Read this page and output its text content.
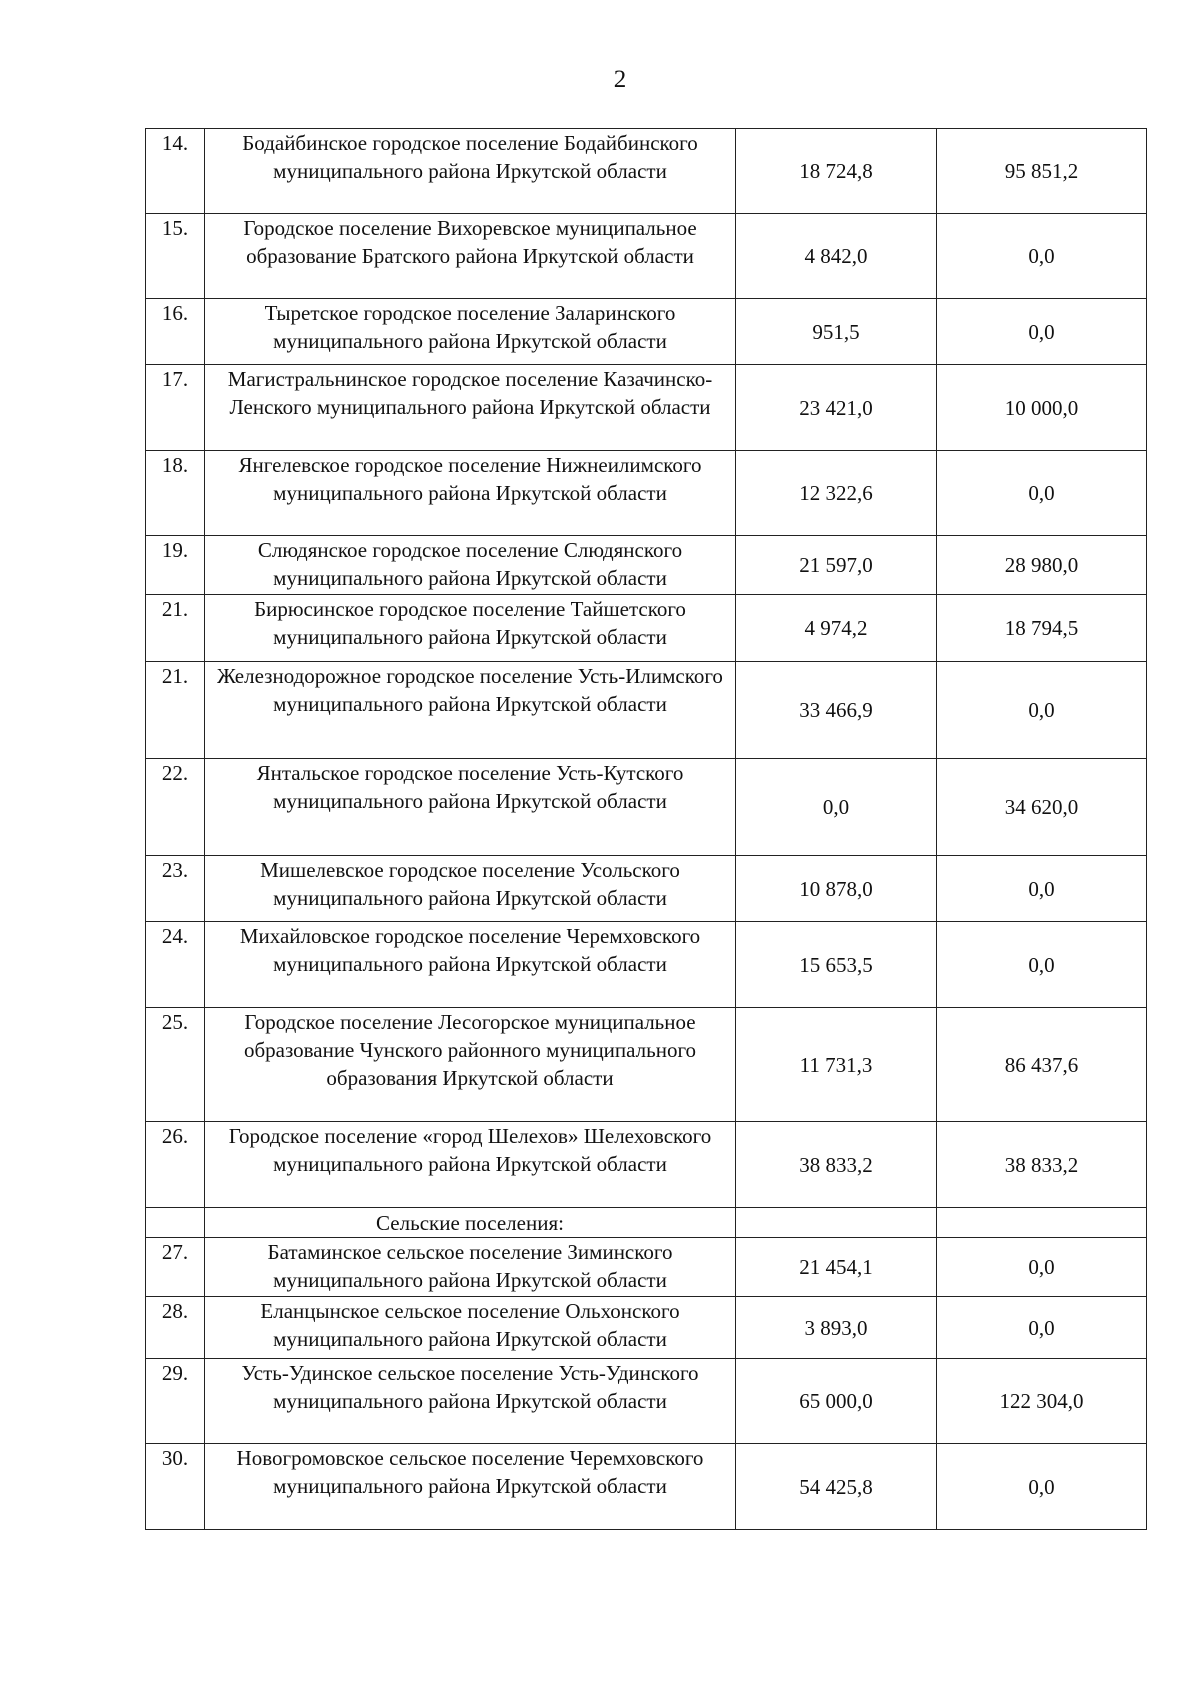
2
14.	Бодайбинское городское поселение Бодайбинского муниципального района Иркутской области	18 724,8	95 851,2
15.	Городское поселение Вихоревское муниципальное образование Братского района Иркутской области	4 842,0	0,0
16.	Тыретское городское поселение Заларинского муниципального района Иркутской области	951,5	0,0
17.	Магистральнинское городское поселение Казачинско-Ленского муниципального района Иркутской области	23 421,0	10 000,0
18.	Янгелевское городское поселение Нижнеилимского муниципального района Иркутской области	12 322,6	0,0
19.	Слюдянское городское поселение Слюдянского муниципального района Иркутской области	21 597,0	28 980,0
21.	Бирюсинское городское поселение Тайшетского муниципального района Иркутской области	4 974,2	18 794,5
21.	Железнодорожное городское поселение Усть-Илимского муниципального района Иркутской области	33 466,9	0,0
22.	Янтальское городское поселение Усть-Кутского муниципального района Иркутской области	0,0	34 620,0
23.	Мишелевское городское поселение Усольского муниципального района Иркутской области	10 878,0	0,0
24.	Михайловское городское поселение Черемховского муниципального района Иркутской области	15 653,5	0,0
25.	Городское поселение Лесогорское муниципальное образование Чунского районного муниципального образования Иркутской области	11 731,3	86 437,6
26.	Городское поселение «город Шелехов» Шелеховского муниципального района Иркутской области	38 833,2	38 833,2
	Сельские поселения:		
27.	Батаминское сельское поселение Зиминского муниципального района Иркутской области	21 454,1	0,0
28.	Еланцынское сельское поселение Ольхонского муниципального района Иркутской области	3 893,0	0,0
29.	Усть-Удинское сельское поселение Усть-Удинского муниципального района Иркутской области	65 000,0	122 304,0
30.	Новогромовское сельское поселение Черемховского муниципального района Иркутской области	54 425,8	0,0
